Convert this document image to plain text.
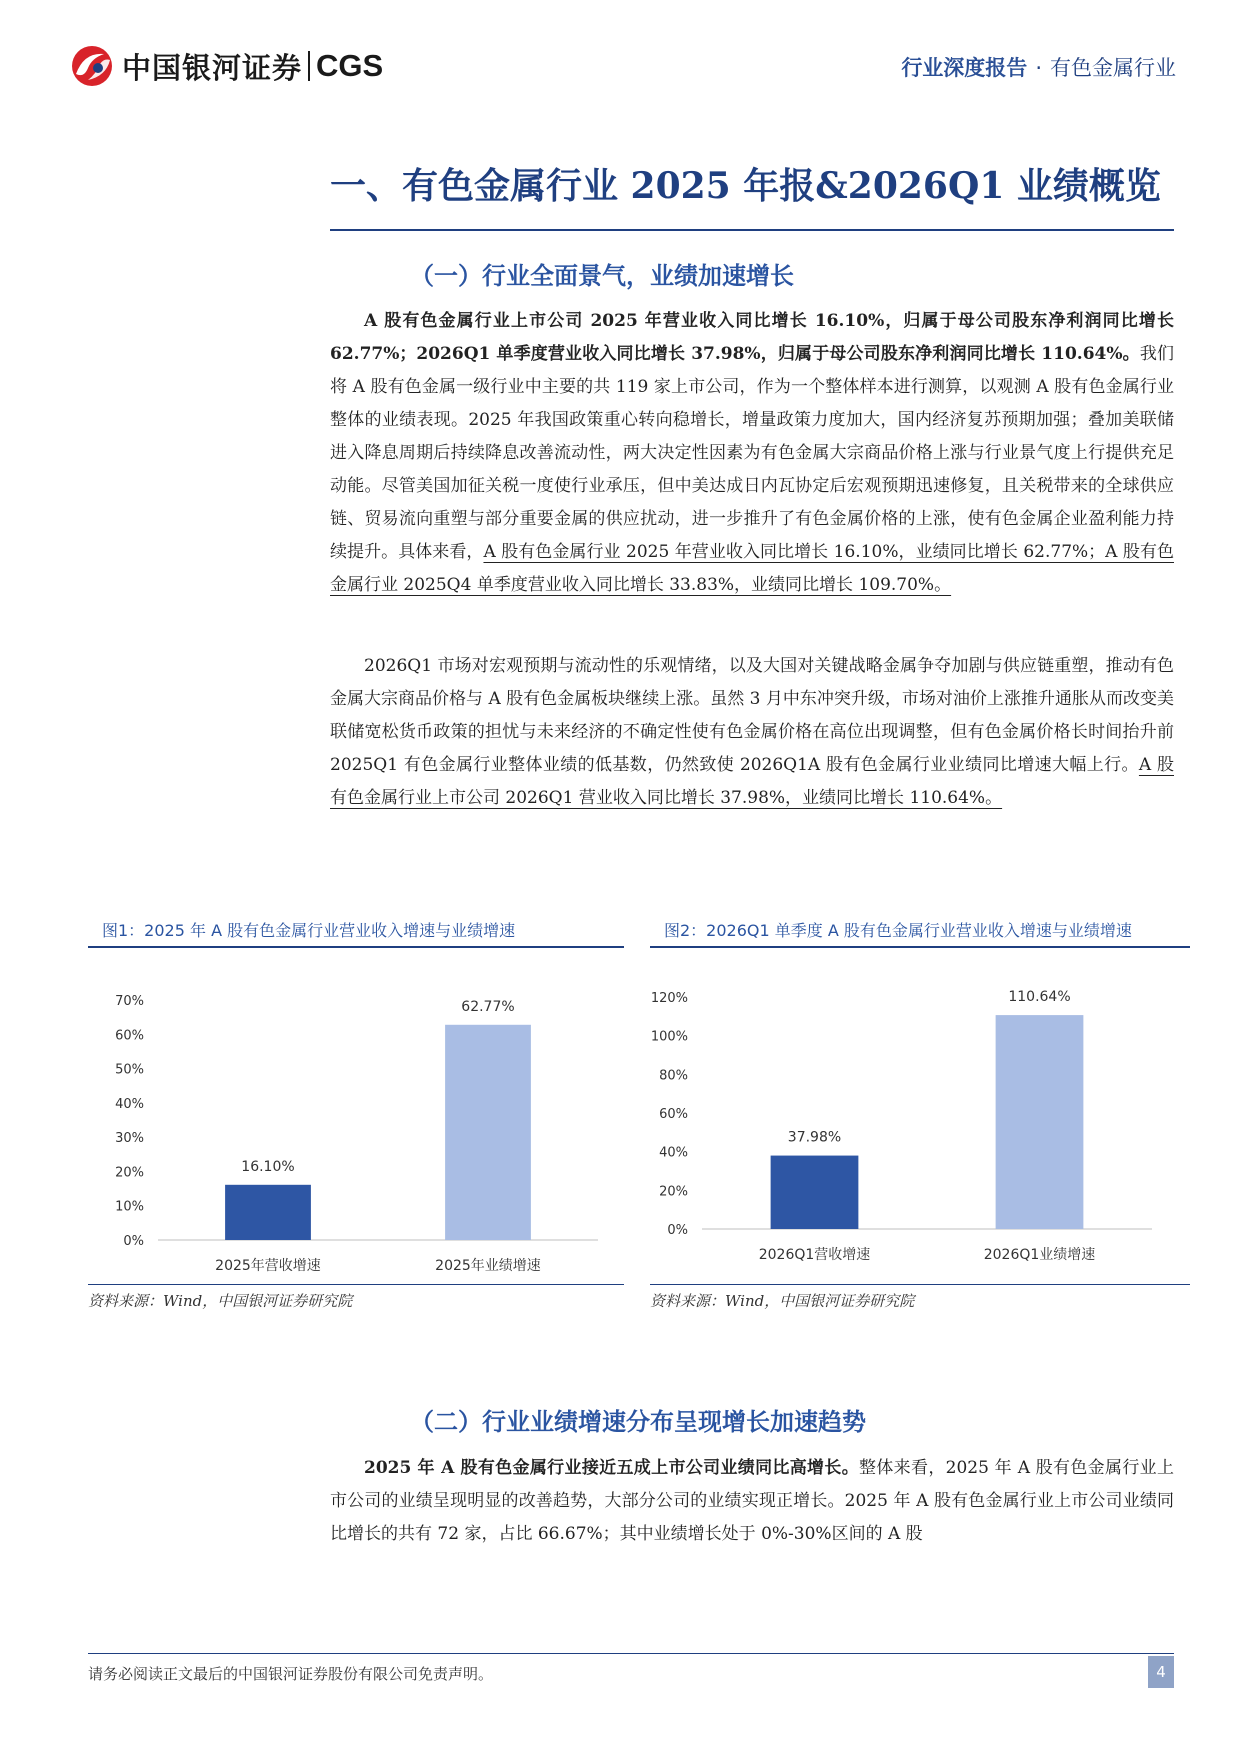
中国银河证券 CGS	行业深度报告 · 有色金属行业
一、有色金属行业 2025 年报&2026Q1 业绩概览
（一）行业全面景气，业绩加速增长

A 股有色金属行业上市公司 2025 年营业收入同比增长 16.10%，归属于母公司股东净利润同比增长 62.77%；2026Q1 单季度营业收入同比增长 37.98%，归属于母公司股东净利润同比增长 110.64%。我们将 A 股有色金属一级行业中主要的共 119 家上市公司，作为一个整体样本进行测算，以观测 A 股有色金属行业整体的业绩表现。2025 年我国政策重心转向稳增长，增量政策力度加大，国内经济复苏预期加强；叠加美联储进入降息周期后持续降息改善流动性，两大决定性因素为有色金属大宗商品价格上涨与行业景气度上行提供充足动能。尽管美国加征关税一度使行业承压，但中美达成日内瓦协定后宏观预期迅速修复，且关税带来的全球供应链、贸易流向重塑与部分重要金属的供应扰动，进一步推升了有色金属价格的上涨，使有色金属企业盈利能力持续提升。具体来看，A 股有色金属行业 2025 年营业收入同比增长 16.10%，业绩同比增长 62.77%；A 股有色金属行业 2025Q4 单季度营业收入同比增长 33.83%，业绩同比增长 109.70%。

2026Q1 市场对宏观预期与流动性的乐观情绪，以及大国对关键战略金属争夺加剧与供应链重塑，推动有色金属大宗商品价格与 A 股有色金属板块继续上涨。虽然 3 月中东冲突升级，市场对油价上涨推升通胀从而改变美联储宽松货币政策的担忧与未来经济的不确定性使有色金属价格在高位出现调整，但有色金属价格长时间抬升前 2025Q1 有色金属行业整体业绩的低基数，仍然致使 2026Q1A 股有色金属行业业绩同比增速大幅上行。A 股有色金属行业上市公司 2026Q1 营业收入同比增长 37.98%，业绩同比增长 110.64%。

图1：2025 年 A 股有色金属行业营业收入增速与业绩增速
0%
10%
20%
30%
40%
50%
60%
70%
16.10%
2025年营收增速
62.77%
2025年业绩增速
资料来源：Wind，中国银河证券研究院
图2：2026Q1 单季度 A 股有色金属行业营业收入增速与业绩增速
0%
20%
40%
60%
80%
100%
120%
37.98%
2026Q1营收增速
110.64%
2026Q1业绩增速
资料来源：Wind，中国银河证券研究院
（二）行业业绩增速分布呈现增长加速趋势

2025 年 A 股有色金属行业接近五成上市公司业绩同比高增长。整体来看，2025 年 A 股有色金属行业上市公司的业绩呈现明显的改善趋势，大部分公司的业绩实现正增长。2025 年 A 股有色金属行业上市公司业绩同比增长的共有 72 家，占比 66.67%；其中业绩增长处于 0%-30%区间的 A 股

请务必阅读正文最后的中国银河证券股份有限公司免责声明。	4
